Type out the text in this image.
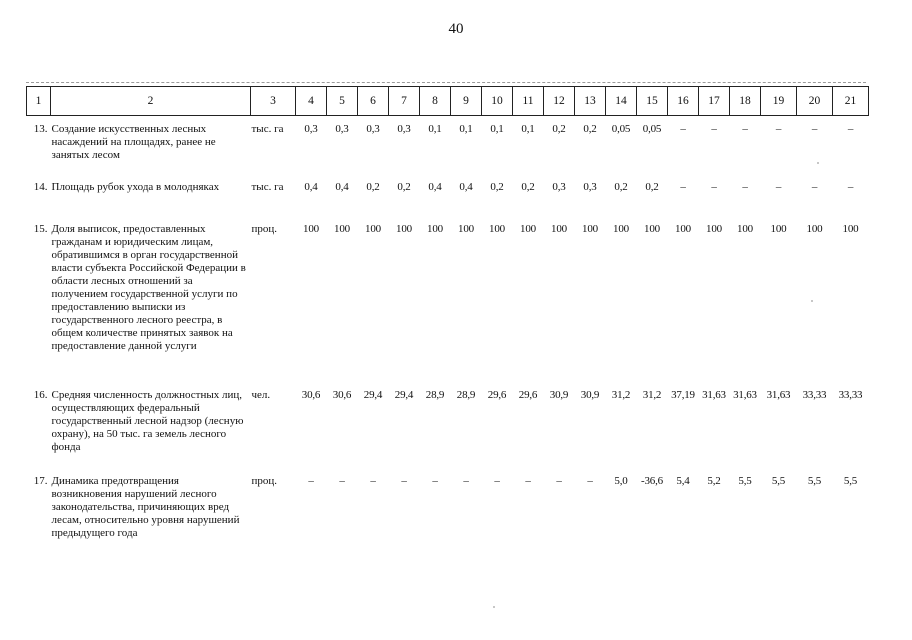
40
1	2	3	4	5	6	7	8	9	10	11	12	13	14	15	16	17	18	19	20	21
13.	Создание искусственных лесных насаждений на площадях, ранее не занятых лесом	тыс. га	0,3	0,3	0,3	0,3	0,1	0,1	0,1	0,1	0,2	0,2	0,05	0,05	–	–	–	–	–	–
14.	Площадь рубок ухода в молодняках	тыс. га	0,4	0,4	0,2	0,2	0,4	0,4	0,2	0,2	0,3	0,3	0,2	0,2	–	–	–	–	–	–
15.	Доля выписок, предоставленных гражданам и юридическим лицам, обратившимся в орган государственной власти субъекта Российской Федерации в области лесных отношений за получением государственной услуги по предоставлению выписки из государственного лесного реестра, в общем количестве принятых заявок на предоставление данной услуги	проц.	100	100	100	100	100	100	100	100	100	100	100	100	100	100	100	100	100	100
16.	Средняя численность должностных лиц, осуществляющих федеральный государственный лесной надзор (лесную охрану), на 50 тыс. га земель лесного фонда	чел.	30,6	30,6	29,4	29,4	28,9	28,9	29,6	29,6	30,9	30,9	31,2	31,2	37,19	31,63	31,63	31,63	33,33	33,33
17.	Динамика предотвращения возникновения нарушений лесного законодательства, причиняющих вред лесам, относительно уровня нарушений предыдущего года	проц.	–	–	–	–	–	–	–	–	–	–	5,0	-36,6	5,4	5,2	5,5	5,5	5,5	5,5
